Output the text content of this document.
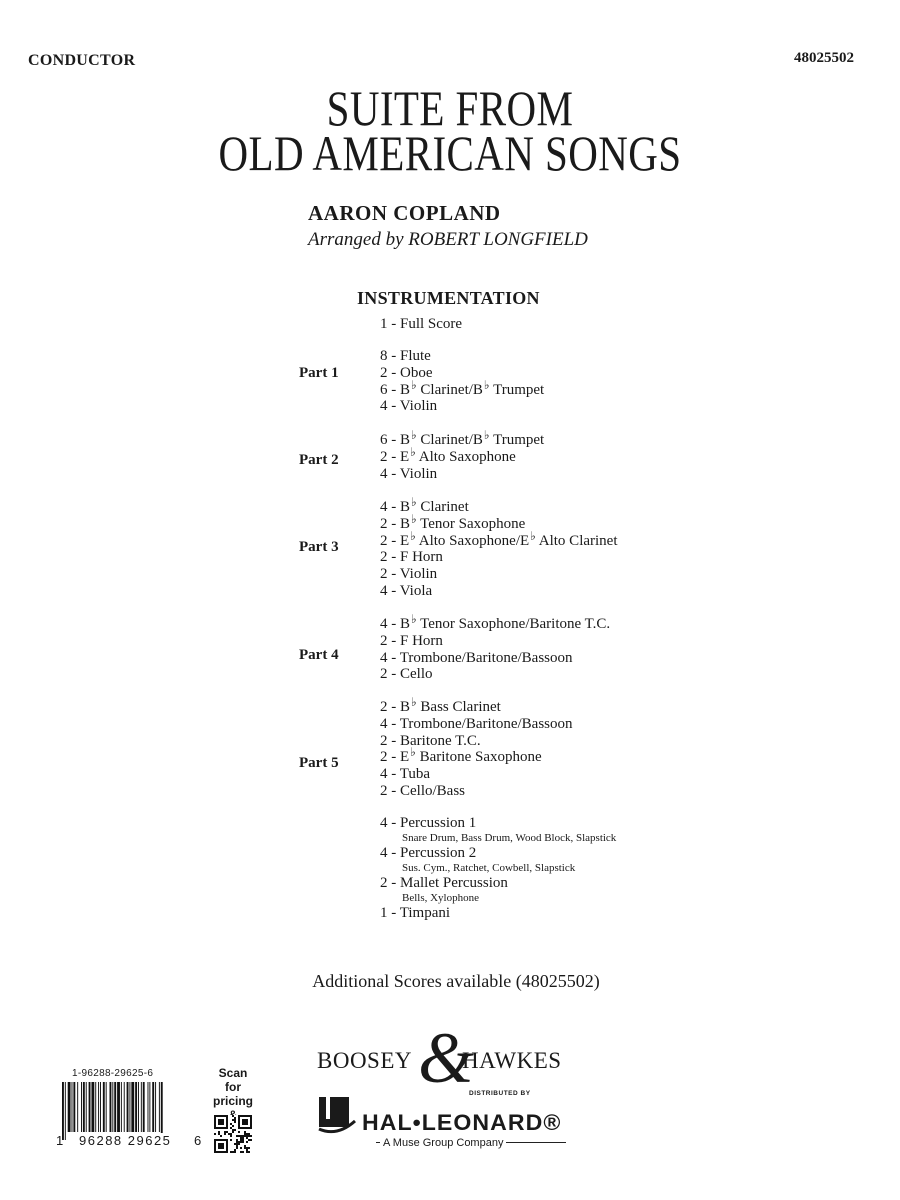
CONDUCTOR	48025502
SUITE FROM
OLD AMERICAN SONGS
AARON COPLAND
Arranged by ROBERT LONGFIELD
INSTRUMENTATION
1 - Full Score
Part 1
8 - Flute
2 - Oboe
6 - B♭ Clarinet/B♭ Trumpet
4 - Violin
Part 2
6 - B♭ Clarinet/B♭ Trumpet
2 - E♭ Alto Saxophone
4 - Violin
Part 3
4 - B♭ Clarinet
2 - B♭ Tenor Saxophone
2 - E♭ Alto Saxophone/E♭ Alto Clarinet
2 - F Horn
2 - Violin
4 - Viola
Part 4
4 - B♭ Tenor Saxophone/Baritone T.C.
2 - F Horn
4 - Trombone/Baritone/Bassoon
2 - Cello
Part 5
2 - B♭ Bass Clarinet
4 - Trombone/Baritone/Bassoon
2 - Baritone T.C.
2 - E♭ Baritone Saxophone
4 - Tuba
2 - Cello/Bass
4 - Percussion 1
Snare Drum, Bass Drum, Wood Block, Slapstick
4 - Percussion 2
Sus. Cym., Ratchet, Cowbell, Slapstick
2 - Mallet Percussion
Bells, Xylophone
1 - Timpani
Additional Scores available (48025502)
BOOSEY &
HAWKES
DISTRIBUTED BY
HAL•LEONARD®
A Muse Group Company
1-96288-29625-6
1 96288 29625 6
Scan for
pricing
